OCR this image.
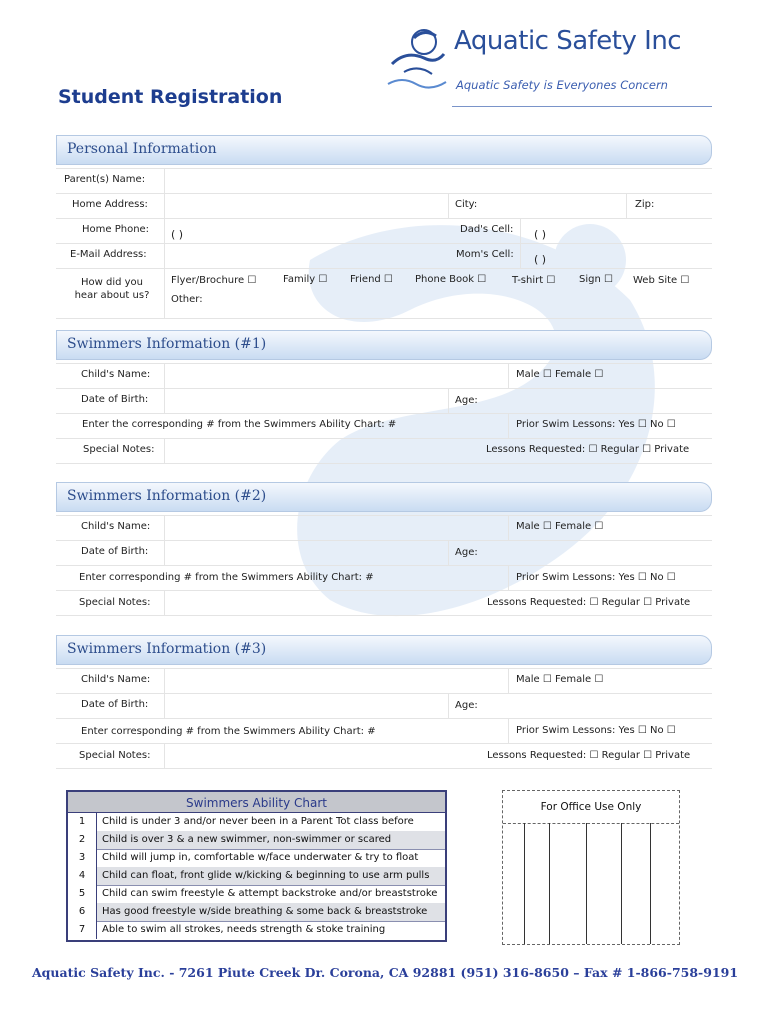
Aquatic Safety Inc
Aquatic Safety is Everyones Concern
Student Registration
Personal Information
Parent(s) Name:
Home Address:	City:	Zip:
Home Phone: ( )	Dad's Cell: ( )
E-Mail Address:	Mom's Cell: ( )
How did you hear about us?
Flyer/Brochure ☐	Family ☐ Friend ☐ Phone Book ☐	T-shirt ☐ Sign ☐ Web Site ☐
Other:
Swimmers Information (#1)
Child's Name:	Male ☐ Female ☐
Date of Birth:	Age:
Enter the corresponding # from the Swimmers Ability Chart: #	Prior Swim Lessons: Yes ☐ No ☐
Special Notes:	Lessons Requested: ☐ Regular ☐ Private
Swimmers Information (#2)
Child's Name:	Male ☐ Female ☐
Date of Birth:	Age:
Enter corresponding # from the Swimmers Ability Chart: #	Prior Swim Lessons: Yes ☐ No ☐
Special Notes:	Lessons Requested: ☐ Regular ☐ Private
Swimmers Information (#3)
Child's Name:	Male ☐ Female ☐
Date of Birth:	Age:
Enter corresponding # from the Swimmers Ability Chart: #	Prior Swim Lessons: Yes ☐ No ☐
Special Notes:	Lessons Requested: ☐ Regular ☐ Private
Swimmers Ability Chart
1	Child is under 3 and/or never been in a Parent Tot class before
2	Child is over 3 & a new swimmer, non-swimmer or scared
3	Child will jump in, comfortable w/face underwater & try to float
4	Child can float, front glide w/kicking & beginning to use arm pulls
5	Child can swim freestyle & attempt backstroke and/or breaststroke
6	Has good freestyle w/side breathing & some back & breaststroke
7	Able to swim all strokes, needs strength & stoke training
For Office Use Only
Aquatic Safety Inc. - 7261 Piute Creek Dr. Corona, CA 92881 (951) 316-8650 – Fax # 1-866-758-9191
